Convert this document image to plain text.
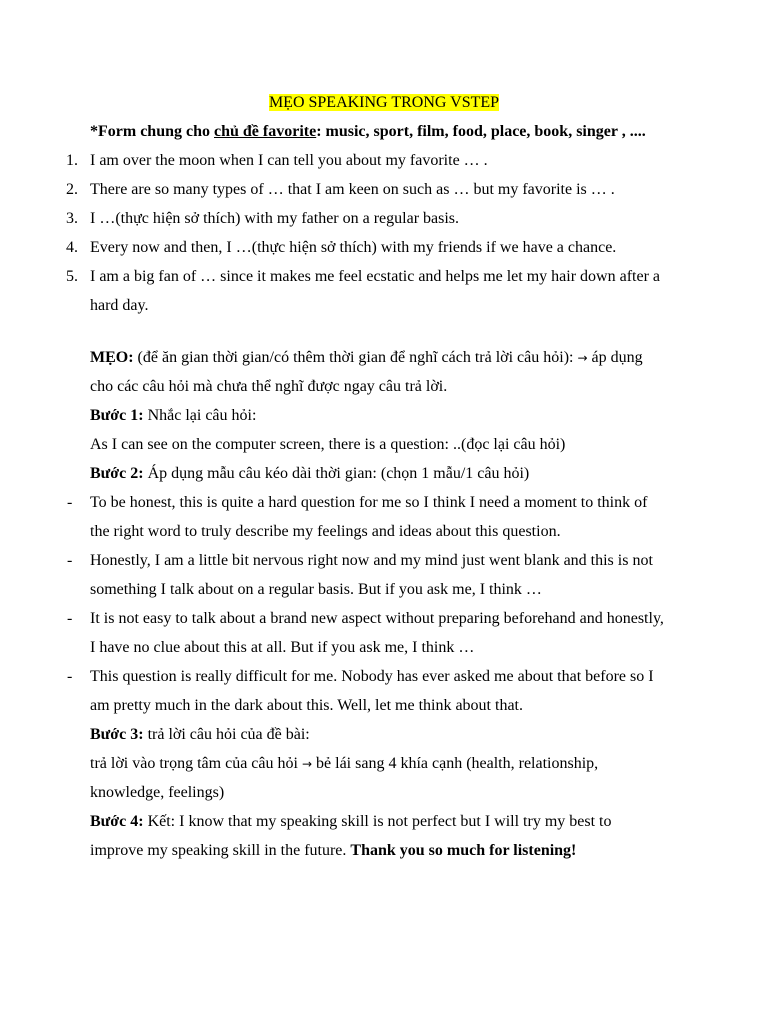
MẸO SPEAKING TRONG VSTEP
*Form chung cho chủ đề favorite: music, sport, film, food, place, book, singer , ....
1. I am over the moon when I can tell you about my favorite … .
2. There are so many types of … that I am keen on such as … but my favorite is … .
3. I …(thực hiện sở thích) with my father on a regular basis.
4. Every now and then, I …(thực hiện sở thích) with my friends if we have a chance.
5. I am a big fan of … since it makes me feel ecstatic and helps me let my hair down after a
hard day.
MẸO: (để ăn gian thời gian/có thêm thời gian để nghĩ cách trả lời câu hỏi): → áp dụng
cho các câu hỏi mà chưa thể nghĩ được ngay câu trả lời.
Bước 1: Nhắc lại câu hỏi:
As I can see on the computer screen, there is a question: ..(đọc lại câu hỏi)
Bước 2: Áp dụng mẫu câu kéo dài thời gian: (chọn 1 mẫu/1 câu hỏi)
- To be honest, this is quite a hard question for me so I think I need a moment to think of
the right word to truly describe my feelings and ideas about this question.
- Honestly, I am a little bit nervous right now and my mind just went blank and this is not
something I talk about on a regular basis. But if you ask me, I think …
- It is not easy to talk about a brand new aspect without preparing beforehand and honestly,
I have no clue about this at all. But if you ask me, I think …
- This question is really difficult for me. Nobody has ever asked me about that before so I
am pretty much in the dark about this. Well, let me think about that.
Bước 3: trả lời câu hỏi của đề bài:
trả lời vào trọng tâm của câu hỏi → bẻ lái sang 4 khía cạnh (health, relationship,
knowledge, feelings)
Bước 4: Kết: I know that my speaking skill is not perfect but I will try my best to
improve my speaking skill in the future. Thank you so much for listening!
